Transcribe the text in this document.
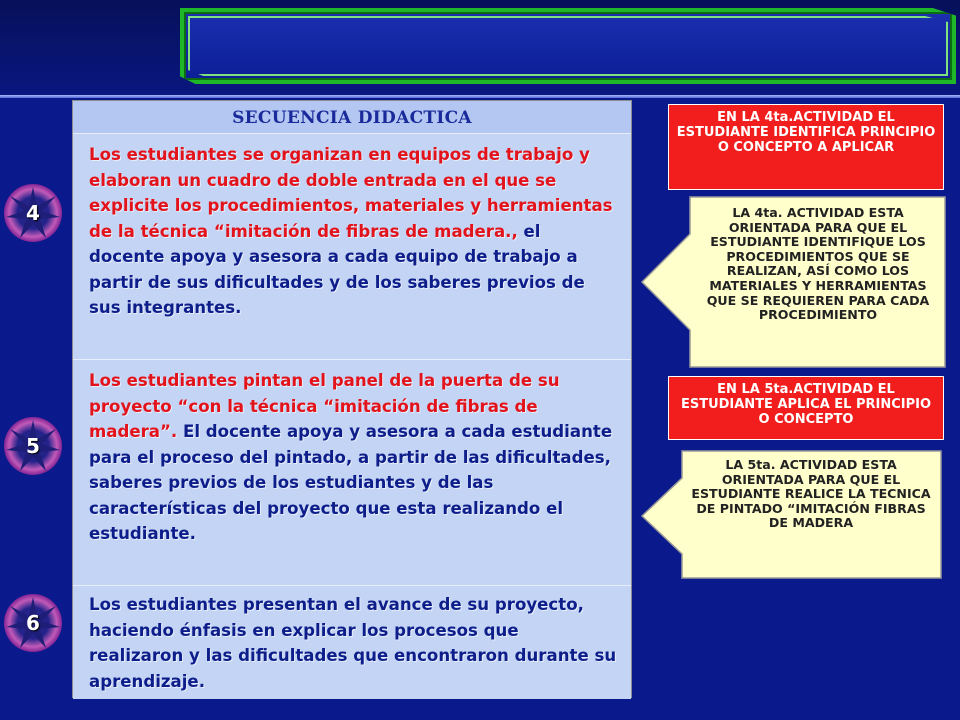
4
5
6
SECUENCIA DIDACTICA
Los estudiantes se organizan en equipos de trabajo y elaboran un cuadro de doble entrada en el que se explicite los procedimientos, materiales y herramientas de la técnica “imitación de fibras de madera., el docente apoya y asesora a cada equipo de trabajo a partir de sus dificultades y de los saberes previos de sus integrantes.
Los estudiantes pintan el panel de la puerta de su proyecto “con la técnica “imitación de fibras de madera”. El docente apoya y asesora a cada estudiante para el proceso del pintado, a partir de las dificultades, saberes previos de los estudiantes y de las características del proyecto que esta realizando el estudiante.
Los estudiantes presentan el avance de su proyecto, haciendo énfasis en explicar los procesos que realizaron y las dificultades que encontraron durante su aprendizaje.
EN LA 4ta.ACTIVIDAD EL ESTUDIANTE IDENTIFICA PRINCIPIO O CONCEPTO A APLICAR
EN LA 5ta.ACTIVIDAD EL ESTUDIANTE APLICA EL PRINCIPIO O CONCEPTO
LA 4ta. ACTIVIDAD ESTA ORIENTADA PARA QUE EL ESTUDIANTE IDENTIFIQUE LOS PROCEDIMIENTOS QUE SE REALIZAN, ASÍ COMO LOS MATERIALES Y HERRAMIENTAS QUE SE REQUIEREN PARA CADA PROCEDIMIENTO
LA 5ta. ACTIVIDAD ESTA ORIENTADA PARA QUE EL ESTUDIANTE REALICE LA TECNICA DE PINTADO “IMITACIÓN FIBRAS DE MADERA
